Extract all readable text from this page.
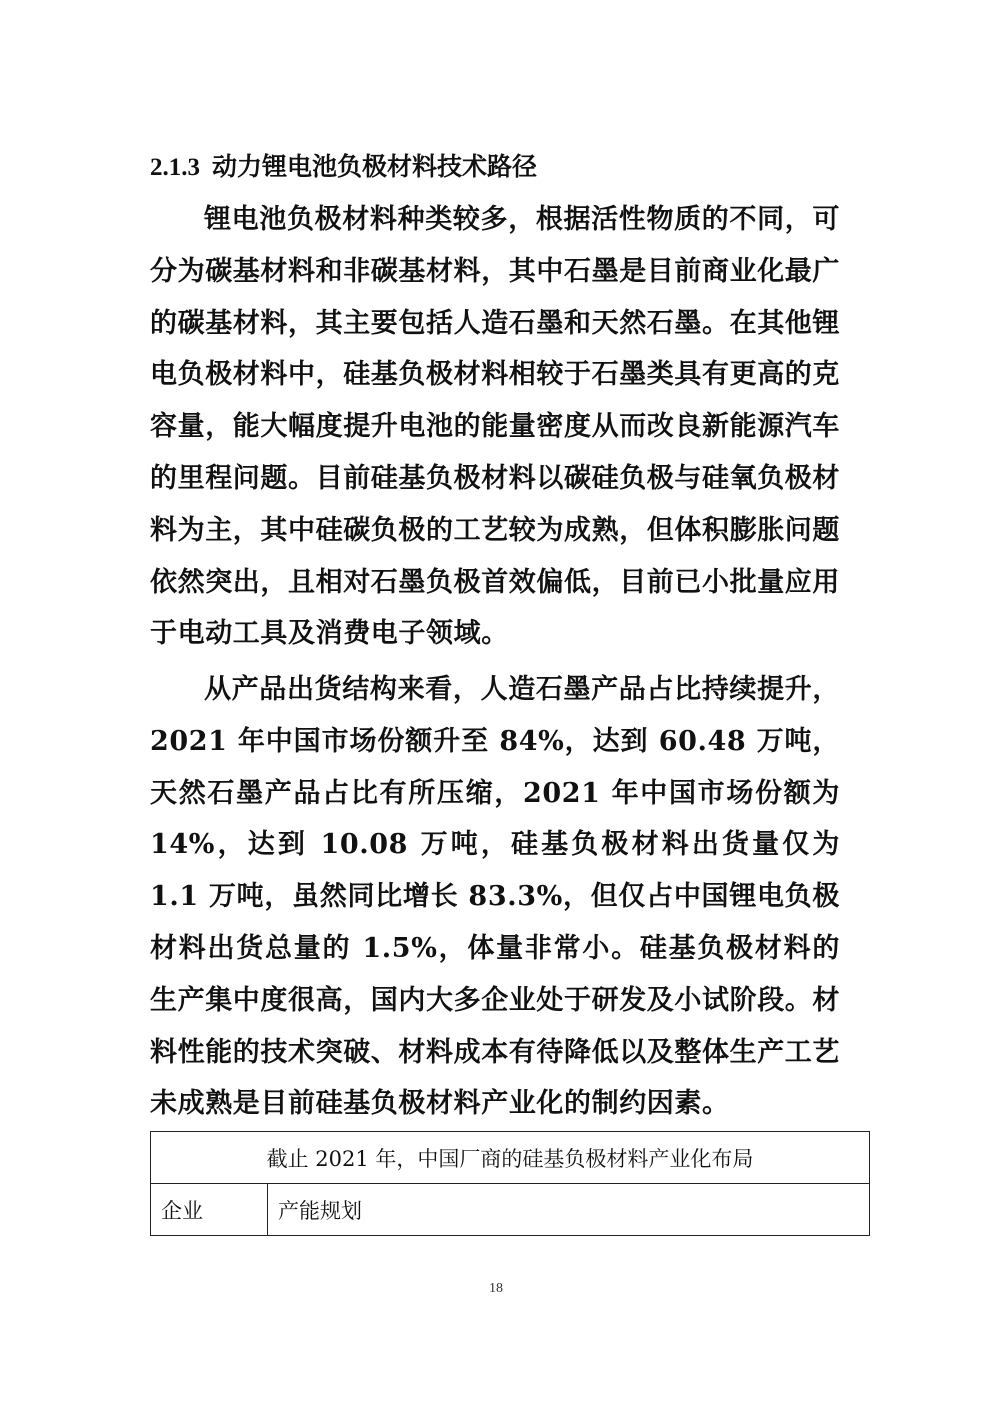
2.1.3 动力锂电池负极材料技术路径

锂电池负极材料种类较多，根据活性物质的不同，可分为碳基材料和非碳基材料，其中石墨是目前商业化最广的碳基材料，其主要包括人造石墨和天然石墨。在其他锂电负极材料中，硅基负极材料相较于石墨类具有更高的克容量，能大幅度提升电池的能量密度从而改良新能源汽车的里程问题。目前硅基负极材料以碳硅负极与硅氧负极材料为主，其中硅碳负极的工艺较为成熟，但体积膨胀问题依然突出，且相对石墨负极首效偏低，目前已小批量应用于电动工具及消费电子领域。

从产品出货结构来看，人造石墨产品占比持续提升，2021 年中国市场份额升至 84%，达到 60.48 万吨，天然石墨产品占比有所压缩，2021 年中国市场份额为 14%，达到 10.08 万吨，硅基负极材料出货量仅为 1.1 万吨，虽然同比增长 83.3%，但仅占中国锂电负极材料出货总量的 1.5%，体量非常小。硅基负极材料的生产集中度很高，国内大多企业处于研发及小试阶段。材料性能的技术突破、材料成本有待降低以及整体生产工艺未成熟是目前硅基负极材料产业化的制约因素。

截止 2021 年，中国厂商的硅基负极材料产业化布局
企业	产能规划
18
